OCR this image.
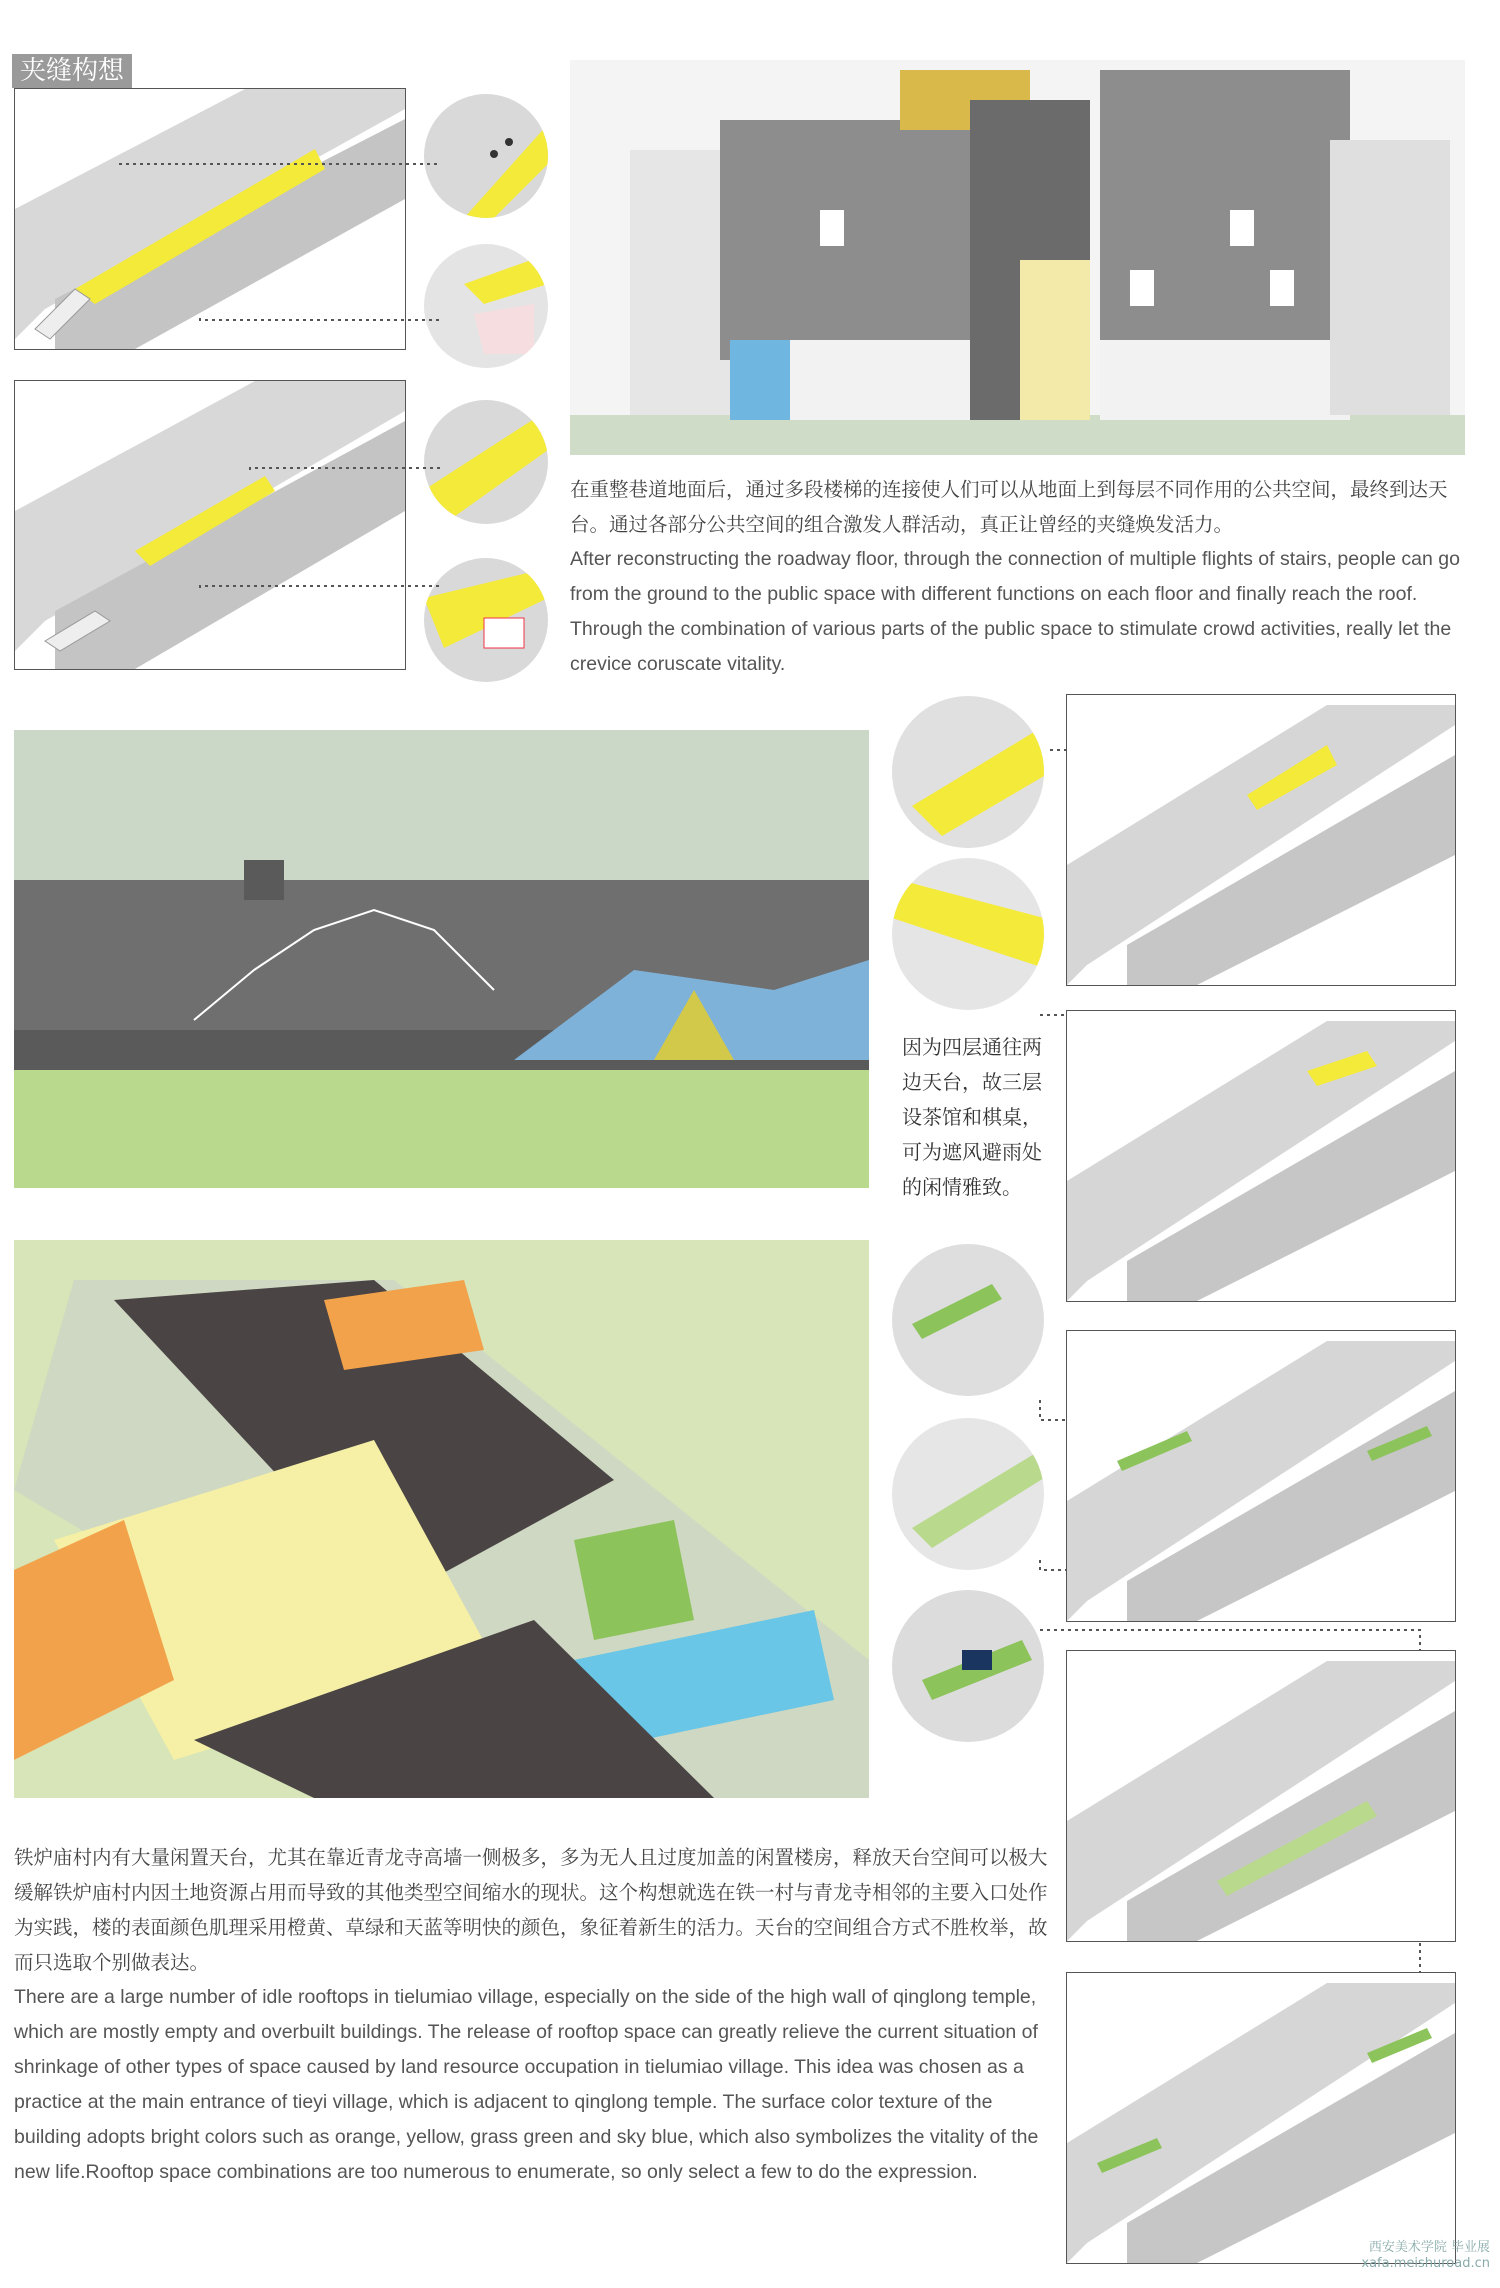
夹缝构想
在重整巷道地面后，通过多段楼梯的连接使人们可以从地面上到每层不同作用的公共空间，最终到达天台。通过各部分公共空间的组合激发人群活动，真正让曾经的夹缝焕发活力。
After reconstructing the roadway floor, through the connection of multiple flights of stairs, people can go from the ground to the public space with different functions on each floor and finally reach the roof. Through the combination of various parts of the public space to stimulate crowd activities, really let the crevice coruscate vitality.
因为四层通往两边天台，故三层设茶馆和棋桌，可为遮风避雨处的闲情雅致。
铁炉庙村内有大量闲置天台，尤其在靠近青龙寺高墙一侧极多，多为无人且过度加盖的闲置楼房，释放天台空间可以极大缓解铁炉庙村内因土地资源占用而导致的其他类型空间缩水的现状。这个构想就选在铁一村与青龙寺相邻的主要入口处作为实践，楼的表面颜色肌理采用橙黄、草绿和天蓝等明快的颜色，象征着新生的活力。天台的空间组合方式不胜枚举，故而只选取个别做表达。
There are a large number of idle rooftops in tielumiao village, especially on the side of the high wall of qinglong temple, which are mostly empty and overbuilt buildings. The release of rooftop space can greatly relieve the current situation of shrinkage of other types of space caused by land resource occupation in tielumiao village. This idea was chosen as a practice at the main entrance of tieyi village, which is adjacent to qinglong temple. The surface color texture of the building adopts bright colors such as orange, yellow, grass green and sky blue, which also symbolizes the vitality of the new life.Rooftop space combinations are too numerous to enumerate, so only select a few to do the expression.
西安美术学院 毕业展
xafa.meishuroad.cn
